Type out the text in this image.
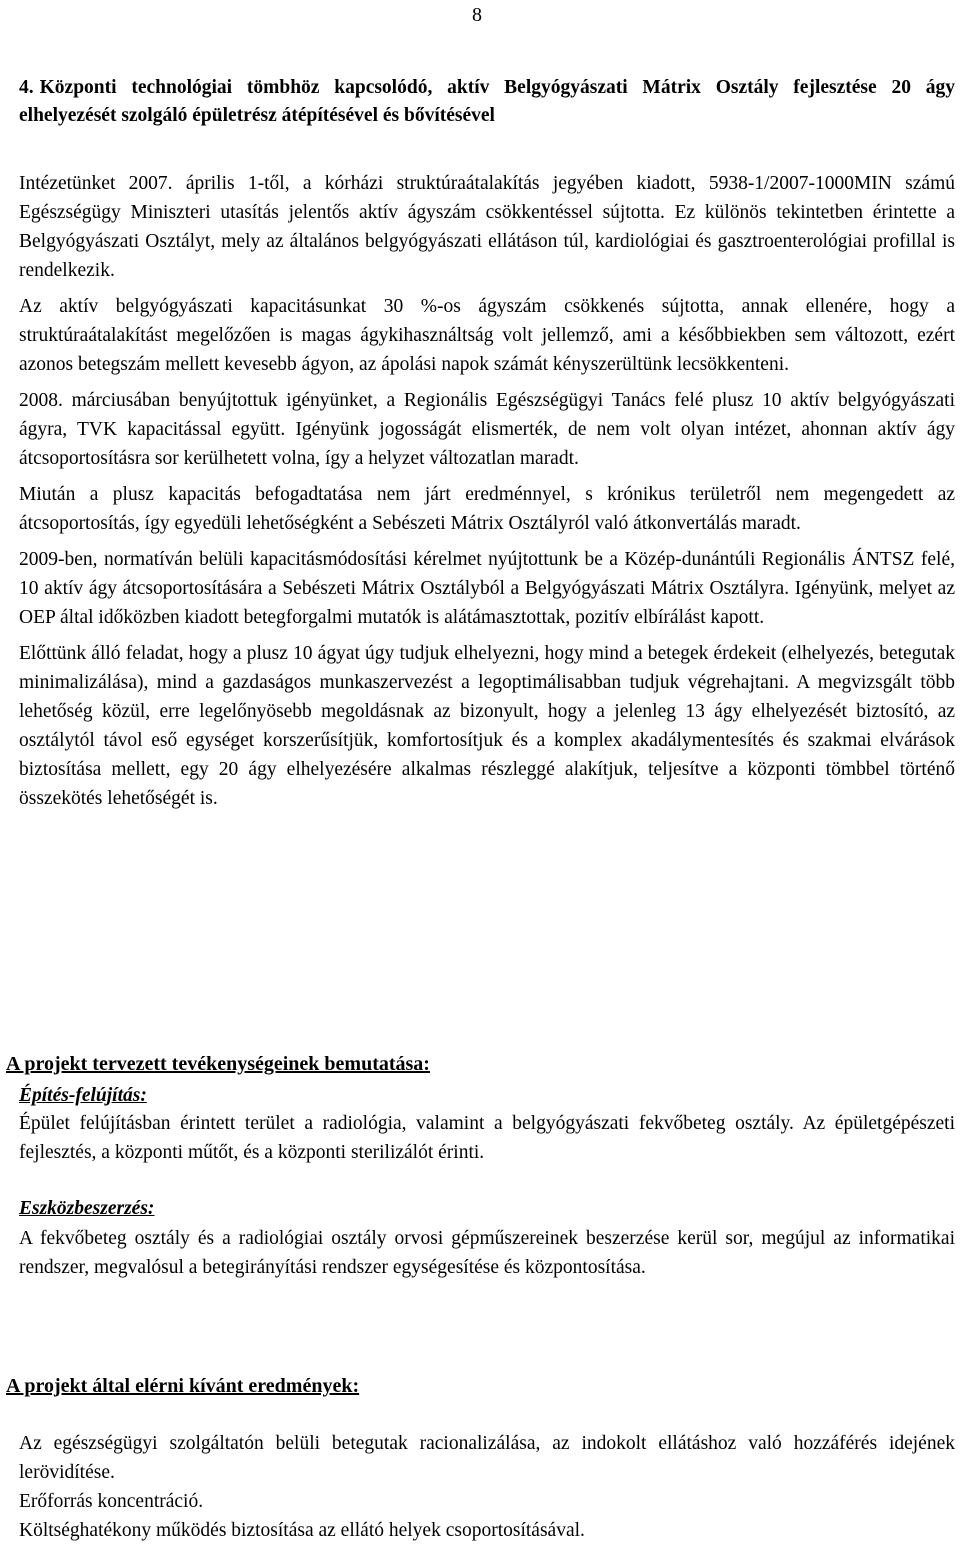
8
4. Központi technológiai tömbhöz kapcsolódó, aktív Belgyógyászati Mátrix Osztály fejlesztése 20 ágy elhelyezését szolgáló épületrész átépítésével és bővítésével

Intézetünket 2007. április 1-től, a kórházi struktúraátalakítás jegyében kiadott, 5938-1/2007-1000MIN számú Egészségügy Miniszteri utasítás jelentős aktív ágyszám csökkentéssel sújtotta. Ez különös tekintetben érintette a Belgyógyászati Osztályt, mely az általános belgyógyászati ellátáson túl, kardiológiai és gasztroenterológiai profillal is rendelkezik.

Az aktív belgyógyászati kapacitásunkat 30 %-os ágyszám csökkenés sújtotta, annak ellenére, hogy a struktúraátalakítást megelőzően is magas ágykihasználtság volt jellemző, ami a későbbiekben sem változott, ezért azonos betegszám mellett kevesebb ágyon, az ápolási napok számát kényszerültünk lecsökkenteni.

2008. márciusában benyújtottuk igényünket, a Regionális Egészségügyi Tanács felé plusz 10 aktív belgyógyászati ágyra, TVK kapacitással együtt. Igényünk jogosságát elismerték, de nem volt olyan intézet, ahonnan aktív ágy átcsoportosításra sor kerülhetett volna, így a helyzet változatlan maradt.

Miután a plusz kapacitás befogadtatása nem járt eredménnyel, s krónikus területről nem megengedett az átcsoportosítás, így egyedüli lehetőségként a Sebészeti Mátrix Osztályról való átkonvertálás maradt.

2009-ben, normatíván belüli kapacitásmódosítási kérelmet nyújtottunk be a Közép-dunántúli Regionális ÁNTSZ felé, 10 aktív ágy átcsoportosítására a Sebészeti Mátrix Osztályból a Belgyógyászati Mátrix Osztályra. Igényünk, melyet az OEP által időközben kiadott betegforgalmi mutatók is alátámasztottak, pozitív elbírálást kapott.

Előttünk álló feladat, hogy a plusz 10 ágyat úgy tudjuk elhelyezni, hogy mind a betegek érdekeit (elhelyezés, betegutak minimalizálása), mind a gazdaságos munkaszervezést a legoptimálisabban tudjuk végrehajtani. A megvizsgált több lehetőség közül, erre legelőnyösebb megoldásnak az bizonyult, hogy a jelenleg 13 ágy elhelyezését biztosító, az osztálytól távol eső egységet korszerűsítjük, komfortosítjuk és a komplex akadálymentesítés és szakmai elvárások biztosítása mellett, egy 20 ágy elhelyezésére alkalmas részleggé alakítjuk, teljesítve a központi tömbbel történő összekötés lehetőségét is.

A projekt tervezett tevékenységeinek bemutatása:
Építés-felújítás:

Épület felújításban érintett terület a radiológia, valamint a belgyógyászati fekvőbeteg osztály. Az épületgépészeti fejlesztés, a központi műtőt, és a központi sterilizálót érinti.

Eszközbeszerzés:

A fekvőbeteg osztály és a radiológiai osztály orvosi gépműszereinek beszerzése kerül sor, megújul az informatikai rendszer, megvalósul a betegirányítási rendszer egységesítése és központosítása.

A projekt által elérni kívánt eredmények:

Az egészségügyi szolgáltatón belüli betegutak racionalizálása, az indokolt ellátáshoz való hozzáférés idejének lerövidítése.

Erőforrás koncentráció.

Költséghatékony működés biztosítása az ellátó helyek csoportosításával.
